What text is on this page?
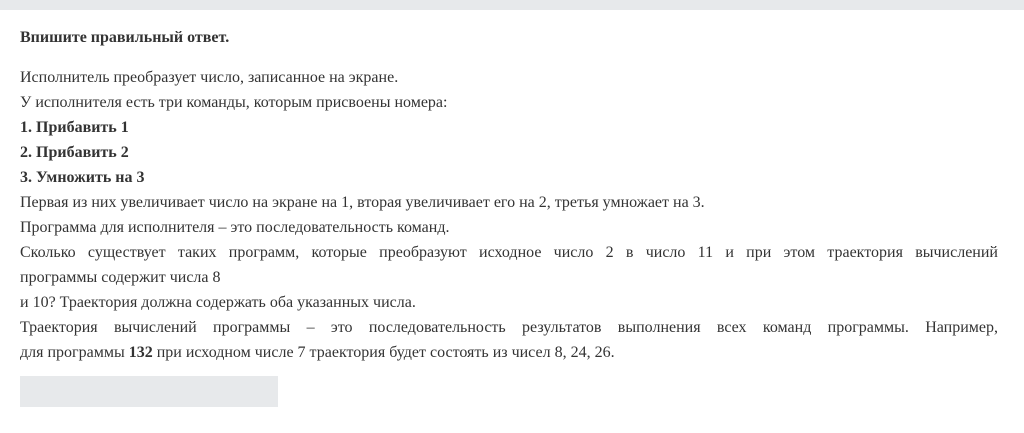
Впишите правильный ответ.

Исполнитель преобразует число, записанное на экране.
У исполнителя есть три команды, которым присвоены номера:
1. Прибавить 1
2. Прибавить 2
3. Умножить на 3
Первая из них увеличивает число на экране на 1, вторая увеличивает его на 2, третья умножает на 3.
Программа для исполнителя – это последовательность команд.
Сколько существует таких программ, которые преобразуют исходное число 2 в число 11 и при этом траектория вычислений
программы содержит числа 8
и 10? Траектория должна содержать оба указанных числа.
Траектория вычислений программы – это последовательность результатов выполнения всех команд программы. Например,
для программы 132 при исходном числе 7 траектория будет состоять из чисел 8, 24, 26.
